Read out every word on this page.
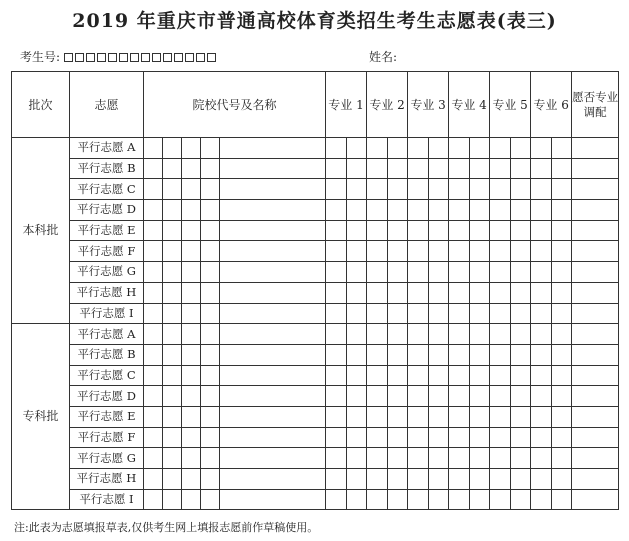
2019 年重庆市普通高校体育类招生考生志愿表(表三)
考生号:	姓名:
批次	志愿	院校代号及名称					专业 1		专业 2		专业 3		专业 4		专业 5		专业 6		愿否专业调配
本科批	平行志愿 A																		
	平行志愿 B																		
	平行志愿 C																		
	平行志愿 D																		
	平行志愿 E																		
	平行志愿 F																		
	平行志愿 G																		
	平行志愿 H																		
	平行志愿 I																		
专科批	平行志愿 A																		
	平行志愿 B																		
	平行志愿 C																		
	平行志愿 D																		
	平行志愿 E																		
	平行志愿 F																		
	平行志愿 G																		
	平行志愿 H																		
	平行志愿 I																		
注:此表为志愿填报草表,仅供考生网上填报志愿前作草稿使用。
